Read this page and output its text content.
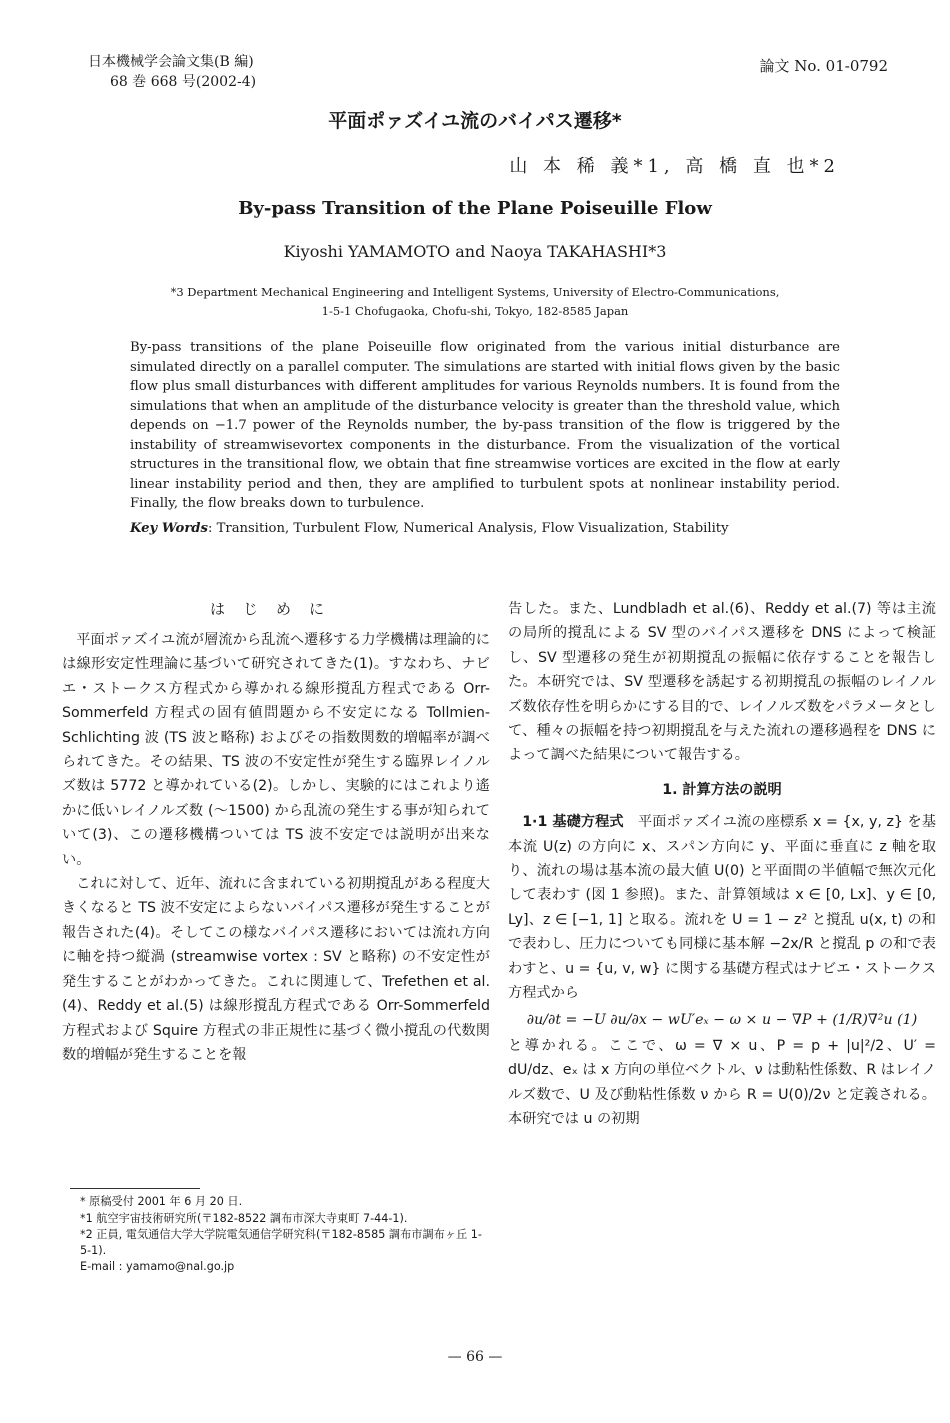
日本機械学会論文集(B 編)
68 巻 668 号(2002-4)
論文 No. 01-0792
平面ポァズイユ流のバイパス遷移*
山 本 稀 義*1, 高 橋 直 也*2
By-pass Transition of the Plane Poiseuille Flow
Kiyoshi YAMAMOTO and Naoya TAKAHASHI*3
*3 Department Mechanical Engineering and Intelligent Systems, University of Electro-Communications,
1-5-1 Chofugaoka, Chofu-shi, Tokyo, 182-8585 Japan
By-pass transitions of the plane Poiseuille flow originated from the various initial disturbance are simulated directly on a parallel computer. The simulations are started with initial flows given by the basic flow plus small disturbances with different amplitudes for various Reynolds numbers. It is found from the simulations that when an amplitude of the disturbance velocity is greater than the threshold value, which depends on −1.7 power of the Reynolds number, the by-pass transition of the flow is triggered by the instability of streamwisevortex components in the disturbance. From the visualization of the vortical structures in the transitional flow, we obtain that fine streamwise vortices are excited in the flow at early linear instability period and then, they are amplified to turbulent spots at nonlinear instability period. Finally, the flow breaks down to turbulence.
Key Words: Transition, Turbulent Flow, Numerical Analysis, Flow Visualization, Stability
はじめに

平面ポァズイユ流が層流から乱流へ遷移する力学機構は理論的には線形安定性理論に基づいて研究されてきた(1)。すなわち、ナビエ・ストークス方程式から導かれる線形撹乱方程式である Orr-Sommerfeld 方程式の固有値問題から不安定になる Tollmien-Schlichting 波 (TS 波と略称) およびその指数関数的増幅率が調べられてきた。その結果、TS 波の不安定性が発生する臨界レイノルズ数は 5772 と導かれている(2)。しかし、実験的にはこれより遙かに低いレイノルズ数 (～1500) から乱流の発生する事が知られていて(3)、この遷移機構ついては TS 波不安定では説明が出来ない。

これに対して、近年、流れに含まれている初期撹乱がある程度大きくなると TS 波不安定によらないバイパス遷移が発生することが報告された(4)。そしてこの様なバイパス遷移においては流れ方向に軸を持つ縦渦 (streamwise vortex : SV と略称) の不安定性が発生することがわかってきた。これに関連して、Trefethen et al.(4)、Reddy et al.(5) は線形撹乱方程式である Orr-Sommerfeld 方程式および Squire 方程式の非正規性に基づく微小撹乱の代数関数的増幅が発生することを報

告した。また、Lundbladh et al.(6)、Reddy et al.(7) 等は主流の局所的撹乱による SV 型のバイパス遷移を DNS によって検証し、SV 型遷移の発生が初期撹乱の振幅に依存することを報告した。本研究では、SV 型遷移を誘起する初期撹乱の振幅のレイノルズ数依存性を明らかにする目的で、レイノルズ数をパラメータとして、種々の振幅を持つ初期撹乱を与えた流れの遷移過程を DNS によって調べた結果について報告する。

1. 計算方法の説明

1·1 基礎方程式　 平面ポァズイユ流の座標系 x = {x, y, z} を基本流 U(z) の方向に x、スパン方向に y、平面に垂直に z 軸を取り、流れの場は基本流の最大値 U(0) と平面間の半値幅で無次元化して表わす (図 1 参照)。また、計算領域は x ∈ [0, Lx]、y ∈ [0, Ly]、z ∈ [−1, 1] と取る。流れを U = 1 − z² と撹乱 u(x, t) の和で表わし、圧力についても同様に基本解 −2x/R と撹乱 p の和で表わすと、u = {u, v, w} に関する基礎方程式はナビエ・ストークス方程式から

∂u/∂t = −U ∂u/∂x − wU′eₓ − ω × u − ∇P + (1/R)∇²u (1)

と導かれる。ここで、ω = ∇ × u、P = p + |u|²/2、U′ = dU/dz、eₓ は x 方向の単位ベクトル、ν は動粘性係数、R はレイノルズ数で、U 及び動粘性係数 ν から R = U(0)/2ν と定義される。本研究では u の初期

* 原稿受付 2001 年 6 月 20 日.
*1 航空宇宙技術研究所(〒182-8522 調布市深大寺東町 7-44-1).
*2 正員, 電気通信大学大学院電気通信学研究科(〒182-8585 調布市調布ヶ丘 1-5-1).
E-mail : yamamo@nal.go.jp
— 66 —
